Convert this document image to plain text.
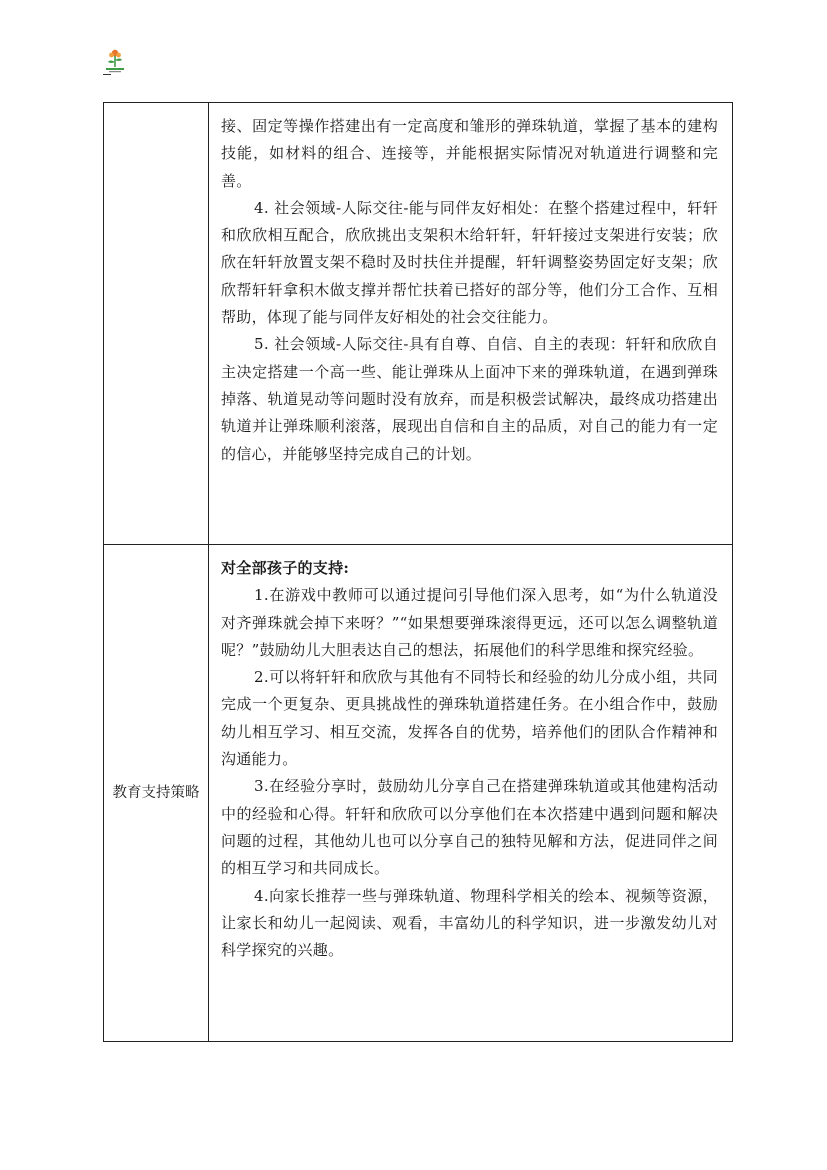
	接、固定等操作搭建出有一定高度和雏形的弹珠轨道，掌握了基本的建构技能，如材料的组合、连接等，并能根据实际情况对轨道进行调整和完善。

4. 社会领域-人际交往-能与同伴友好相处：在整个搭建过程中，轩轩和欣欣相互配合，欣欣挑出支架积木给轩轩，轩轩接过支架进行安装；欣欣在轩轩放置支架不稳时及时扶住并提醒，轩轩调整姿势固定好支架；欣欣帮轩轩拿积木做支撑并帮忙扶着已搭好的部分等，他们分工合作、互相帮助，体现了能与同伴友好相处的社会交往能力。

5. 社会领域-人际交往-具有自尊、自信、自主的表现：轩轩和欣欣自主决定搭建一个高一些、能让弹珠从上面冲下来的弹珠轨道，在遇到弹珠掉落、轨道晃动等问题时没有放弃，而是积极尝试解决，最终成功搭建出轨道并让弹珠顺利滚落，展现出自信和自主的品质，对自己的能力有一定的信心，并能够坚持完成自己的计划。

教育支持策略	对全部孩子的支持:

1.在游戏中教师可以通过提问引导他们深入思考，如“为什么轨道没对齐弹珠就会掉下来呀？”“如果想要弹珠滚得更远，还可以怎么调整轨道呢？”鼓励幼儿大胆表达自己的想法，拓展他们的科学思维和探究经验。

2.可以将轩轩和欣欣与其他有不同特长和经验的幼儿分成小组，共同完成一个更复杂、更具挑战性的弹珠轨道搭建任务。在小组合作中，鼓励幼儿相互学习、相互交流，发挥各自的优势，培养他们的团队合作精神和沟通能力。

3.在经验分享时，鼓励幼儿分享自己在搭建弹珠轨道或其他建构活动中的经验和心得。轩轩和欣欣可以分享他们在本次搭建中遇到问题和解决问题的过程，其他幼儿也可以分享自己的独特见解和方法，促进同伴之间的相互学习和共同成长。

4.向家长推荐一些与弹珠轨道、物理科学相关的绘本、视频等资源，让家长和幼儿一起阅读、观看，丰富幼儿的科学知识，进一步激发幼儿对科学探究的兴趣。
